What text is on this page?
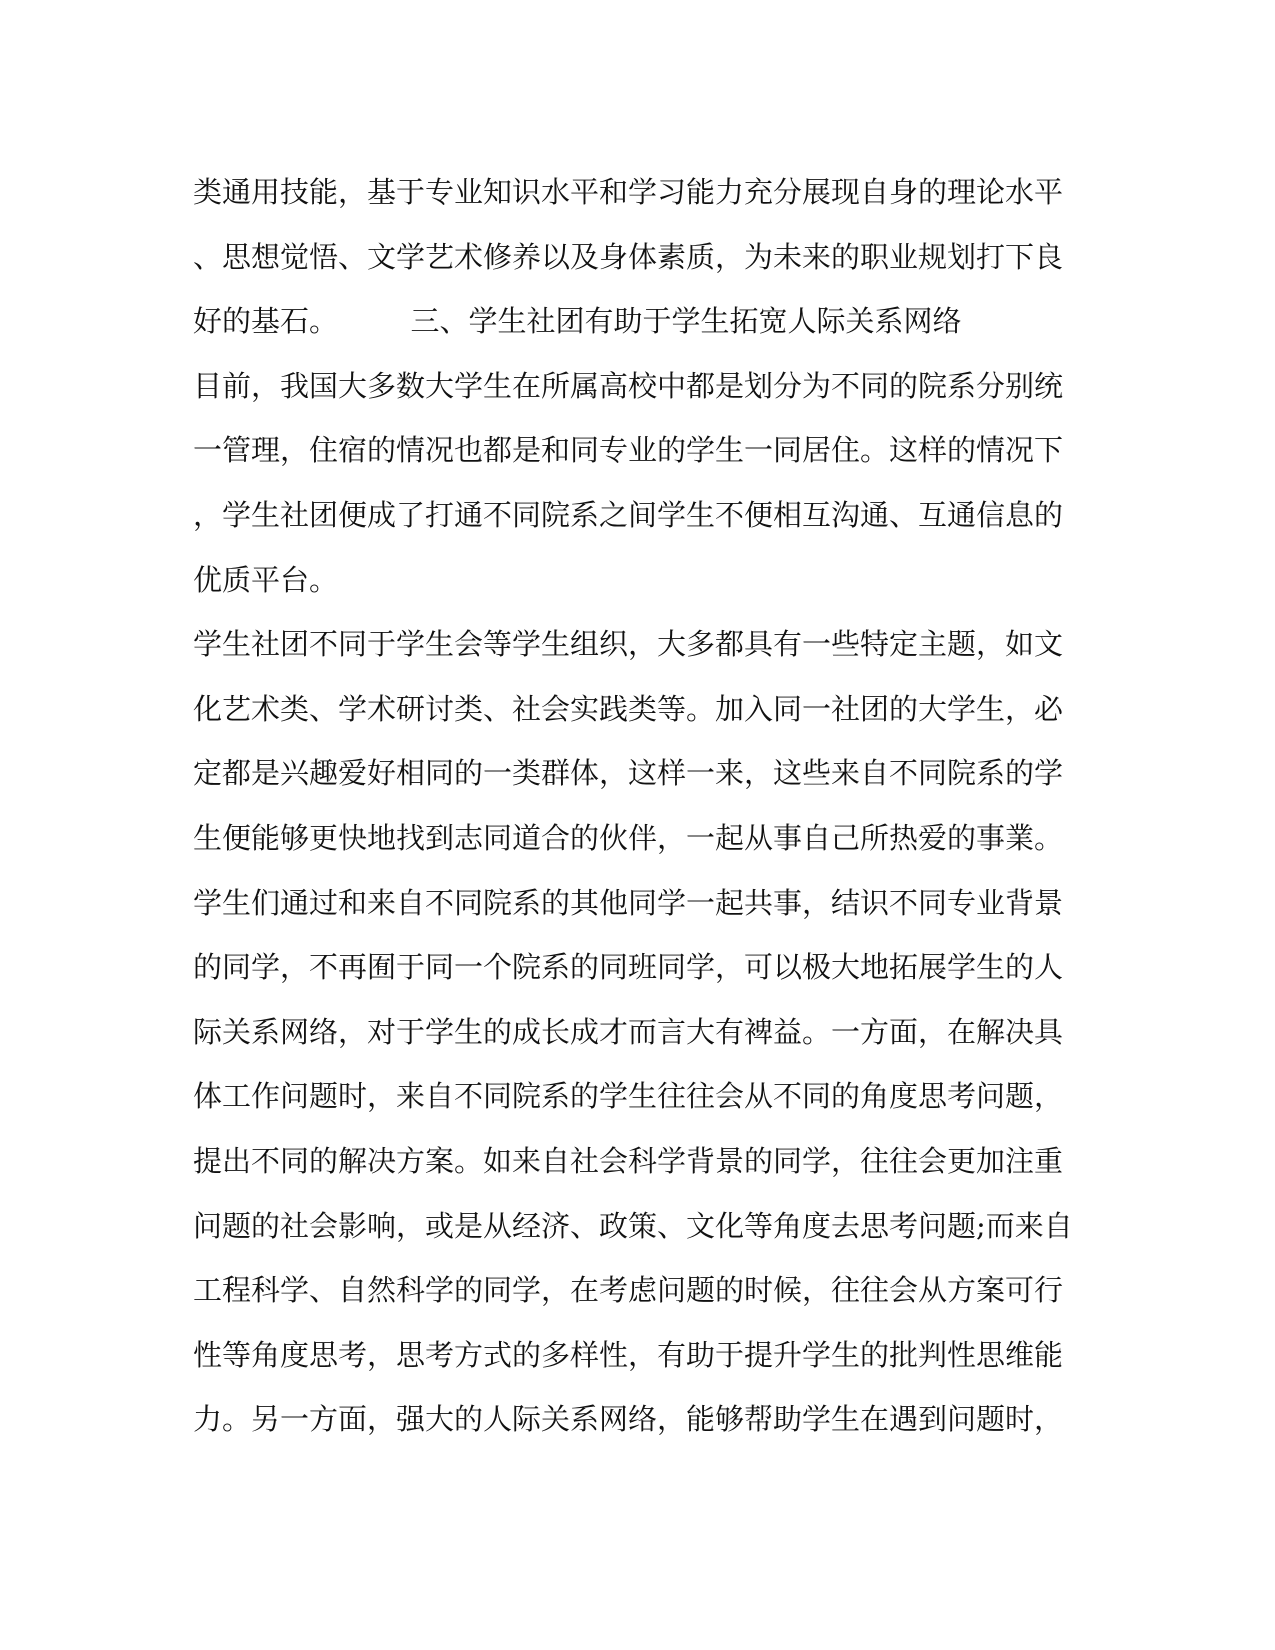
类通用技能，基于专业知识水平和学习能力充分展现自身的理论水平
、思想觉悟、文学艺术修养以及身体素质，为未来的职业规划打下良
好的基石。　　　三、学生社团有助于学生拓宽人际关系网络
目前，我国大多数大学生在所属高校中都是划分为不同的院系分别统
一管理，住宿的情况也都是和同专业的学生一同居住。这样的情况下
，学生社团便成了打通不同院系之间学生不便相互沟通、互通信息的
优质平台。
学生社团不同于学生会等学生组织，大多都具有一些特定主题，如文
化艺术类、学术研讨类、社会实践类等。加入同一社团的大学生，必
定都是兴趣爱好相同的一类群体，这样一来，这些来自不同院系的学
生便能够更快地找到志同道合的伙伴，一起从事自己所热爱的事業。
学生们通过和来自不同院系的其他同学一起共事，结识不同专业背景
的同学，不再囿于同一个院系的同班同学，可以极大地拓展学生的人
际关系网络，对于学生的成长成才而言大有裨益。一方面，在解决具
体工作问题时，来自不同院系的学生往往会从不同的角度思考问题，
提出不同的解决方案。如来自社会科学背景的同学，往往会更加注重
问题的社会影响，或是从经济、政策、文化等角度去思考问题;而来自
工程科学、自然科学的同学，在考虑问题的时候，往往会从方案可行
性等角度思考，思考方式的多样性，有助于提升学生的批判性思维能
力。另一方面，强大的人际关系网络，能够帮助学生在遇到问题时，
